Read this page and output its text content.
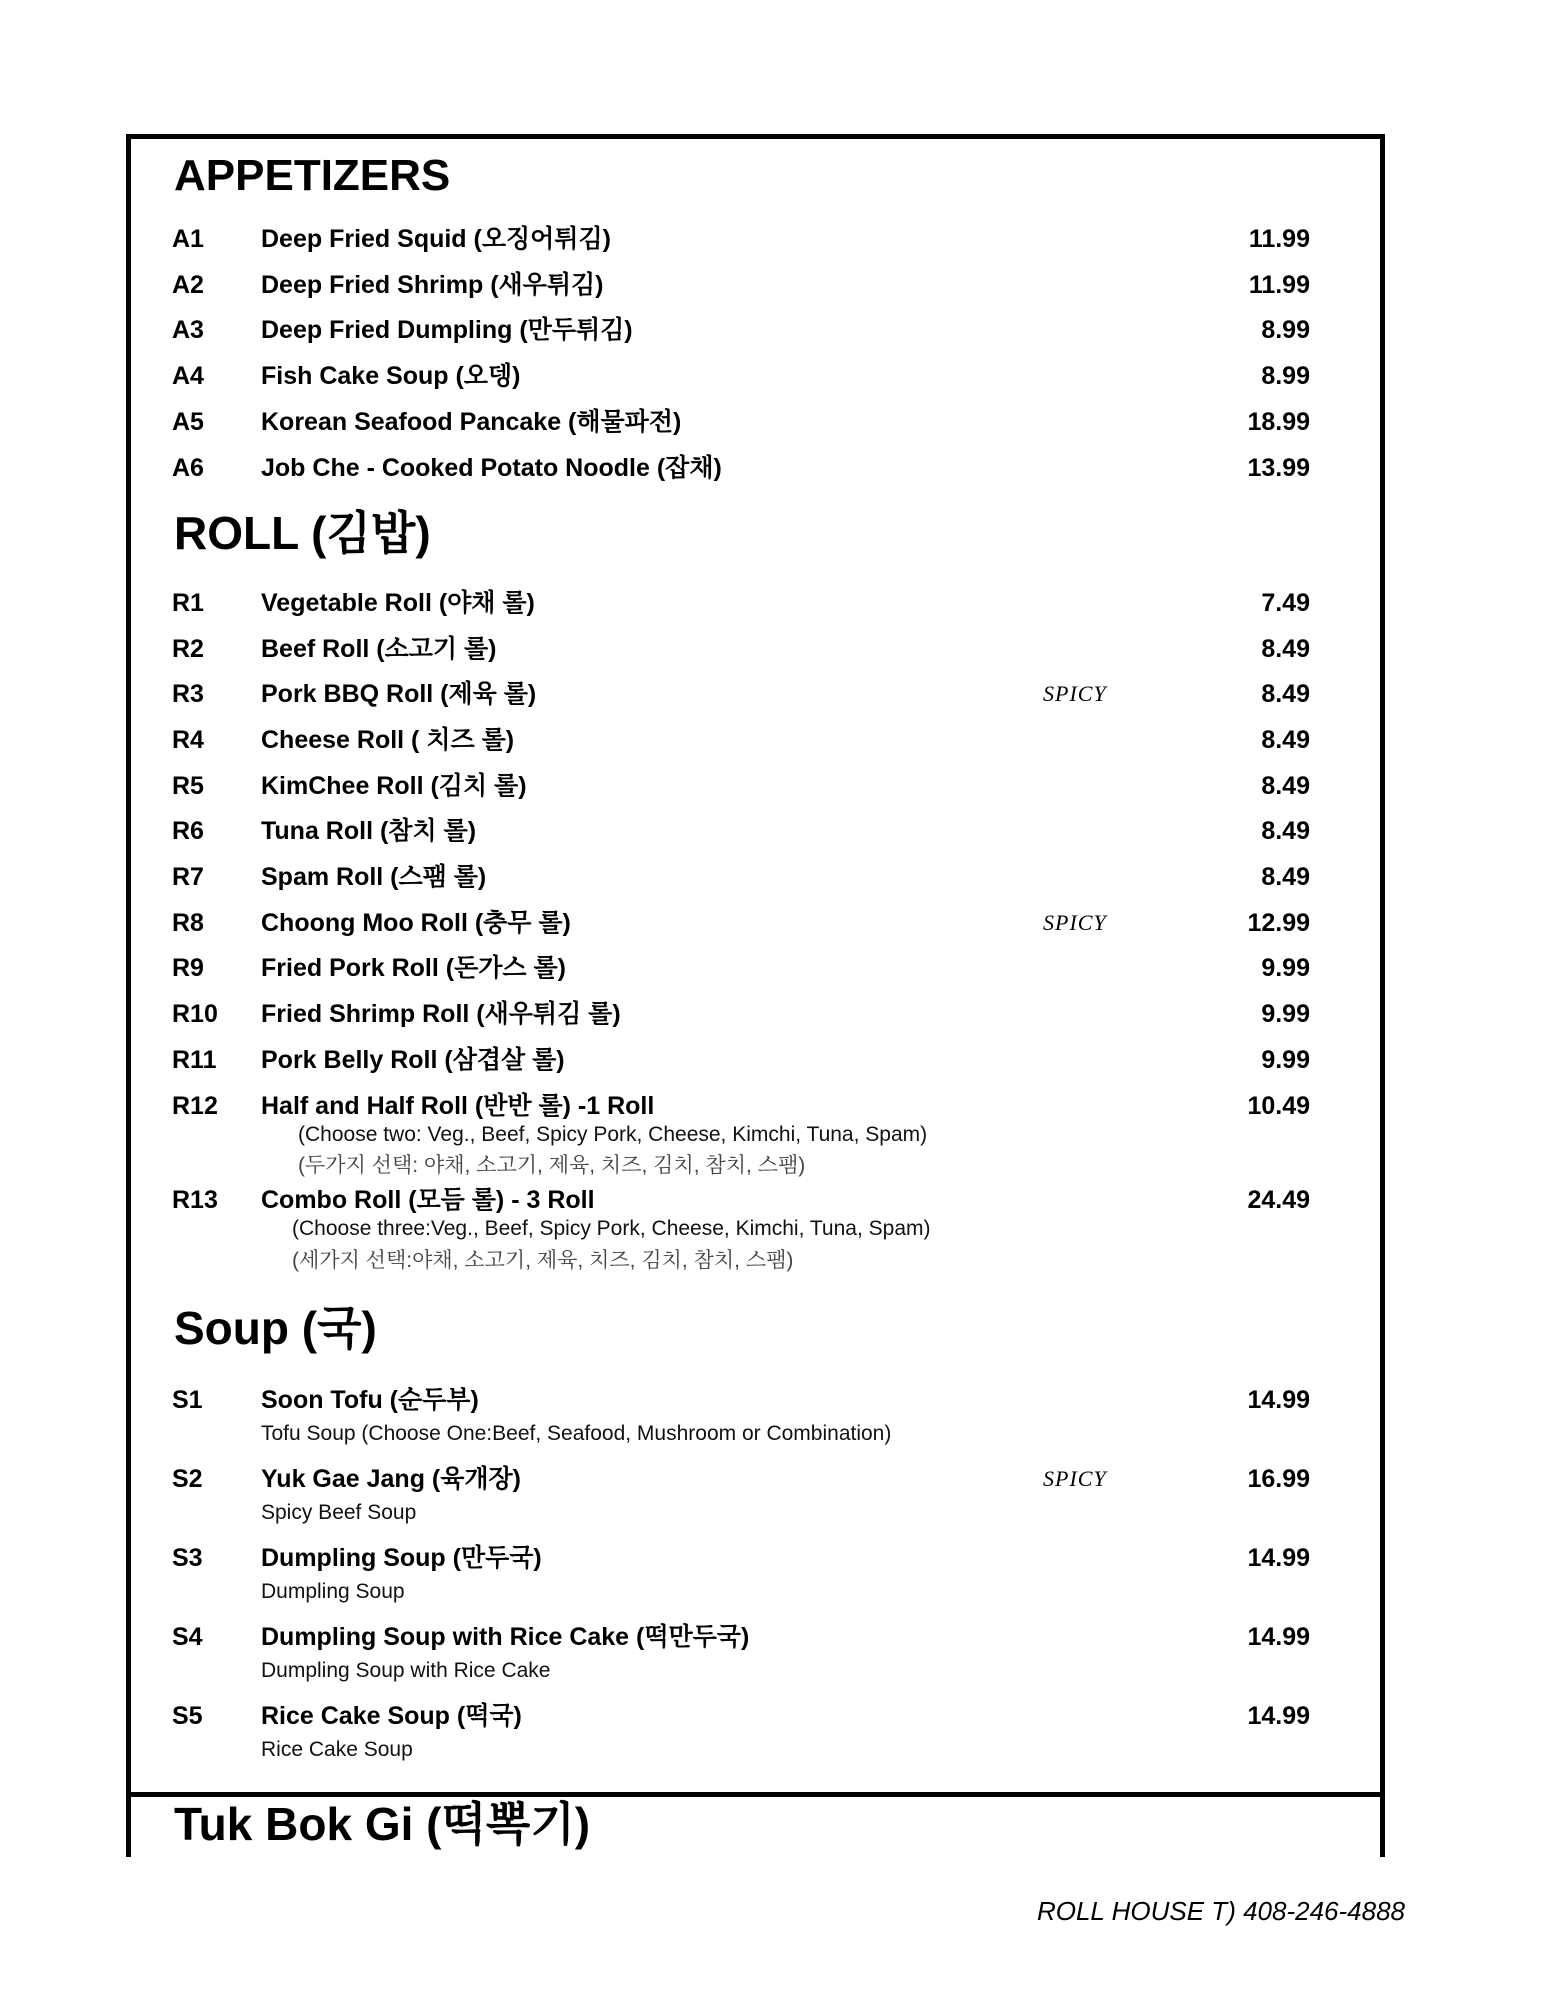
APPETIZERS
A1 Deep Fried Squid (오징어튀김)	11.99
A2 Deep Fried Shrimp (새우튀김)	11.99
A3 Deep Fried Dumpling (만두튀김)	8.99
A4 Fish Cake Soup (오뎅)	8.99
A5 Korean Seafood Pancake (해물파전)	18.99
A6 Job Che - Cooked Potato Noodle (잡채)	13.99
ROLL (김밥)
R1 Vegetable Roll (야채 롤)	7.49
R2 Beef Roll (소고기 롤)	8.49
R3 Pork BBQ Roll (제육 롤)	SPICY	8.49
R4 Cheese Roll ( 치즈 롤)	8.49
R5 KimChee Roll (김치 롤)	8.49
R6 Tuna Roll (참치 롤)	8.49
R7 Spam Roll (스팸 롤)	8.49
R8 Choong Moo Roll (충무 롤)	SPICY	12.99
R9 Fried Pork Roll (돈가스 롤)	9.99
R10 Fried Shrimp Roll (새우튀김 롤)	9.99
R11 Pork Belly Roll (삼겹살 롤)	9.99
R12 Half and Half Roll (반반 롤) -1 Roll	10.49
(Choose two: Veg., Beef, Spicy Pork, Cheese, Kimchi, Tuna, Spam)
(두가지 선택: 야채, 소고기, 제육, 치즈, 김치, 참치, 스팸)
R13 Combo Roll (모듬 롤) - 3 Roll	24.49
(Choose three:Veg., Beef, Spicy Pork, Cheese, Kimchi, Tuna, Spam)
(세가지 선택:야채, 소고기, 제육, 치즈, 김치, 참치, 스팸)
Soup (국)
S1 Soon Tofu (순두부)	14.99
Tofu Soup (Choose One:Beef, Seafood, Mushroom or Combination)
S2 Yuk Gae Jang (육개장)	SPICY	16.99
Spicy Beef Soup
S3 Dumpling Soup (만두국)	14.99
Dumpling Soup
S4 Dumpling Soup with Rice Cake (떡만두국)	14.99
Dumpling Soup with Rice Cake
S5 Rice Cake Soup (떡국)	14.99
Rice Cake Soup
Tuk Bok Gi (떡뽁기)
ROLL HOUSE T) 408-246-4888
